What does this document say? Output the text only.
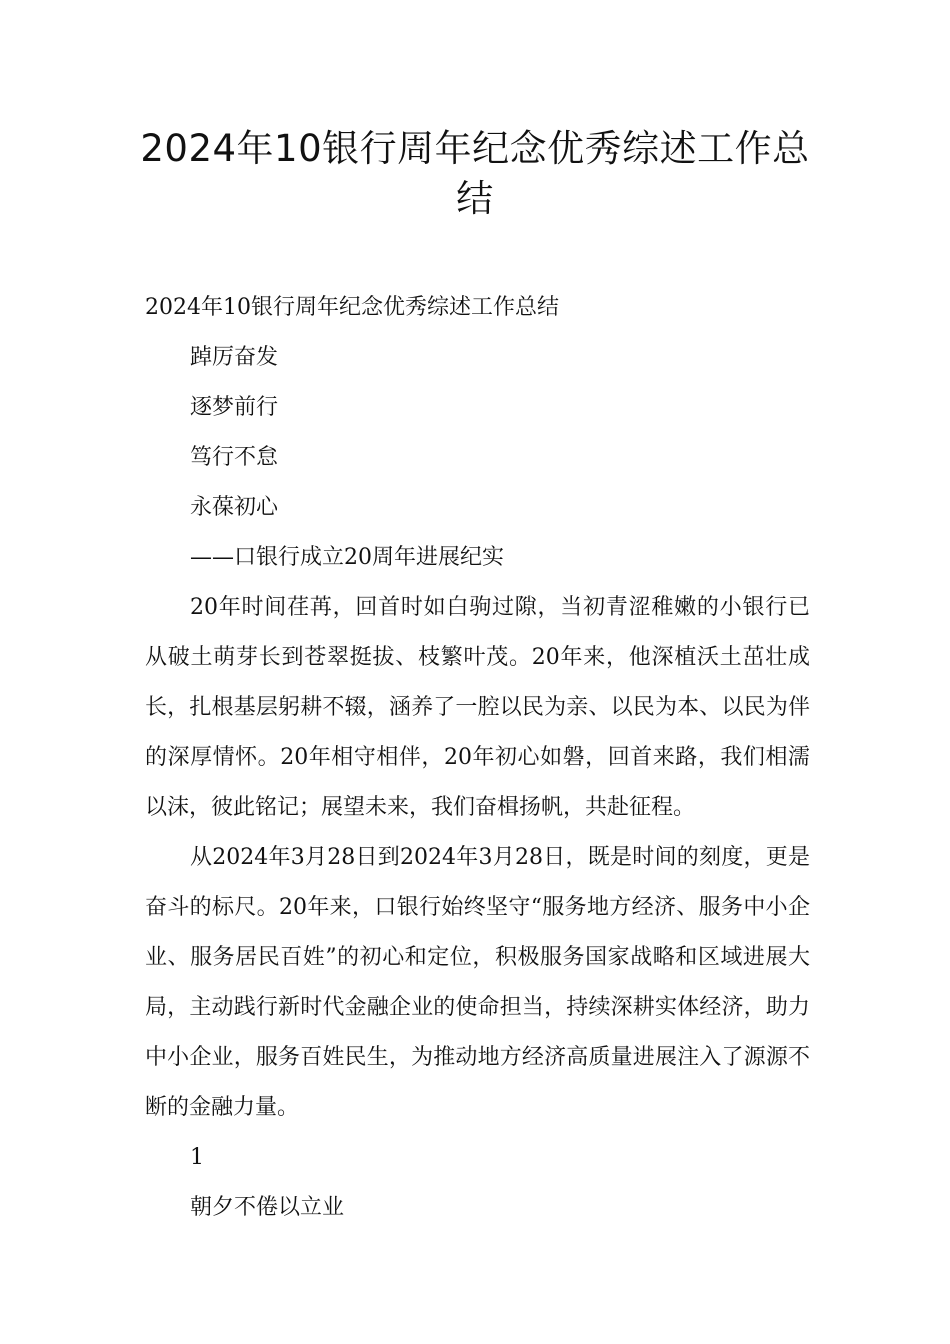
2024年10银行周年纪念优秀综述工作总结

2024年10银行周年纪念优秀综述工作总结

踔厉奋发

逐梦前行

笃行不怠

永葆初心

——口银行成立20周年进展纪实

20年时间荏苒，回首时如白驹过隙，当初青涩稚嫩的小银行已从破土萌芽长到苍翠挺拔、枝繁叶茂。20年来，他深植沃土茁壮成长，扎根基层躬耕不辍，涵养了一腔以民为亲、以民为本、以民为伴的深厚情怀。20年相守相伴，20年初心如磐，回首来路，我们相濡以沫，彼此铭记；展望未来，我们奋楫扬帆，共赴征程。

从2024年3月28日到2024年3月28日，既是时间的刻度，更是奋斗的标尺。20年来，口银行始终坚守“服务地方经济、服务中小企业、服务居民百姓”的初心和定位，积极服务国家战略和区域进展大局，主动践行新时代金融企业的使命担当，持续深耕实体经济，助力中小企业，服务百姓民生，为推动地方经济高质量进展注入了源源不断的金融力量。

1

朝夕不倦以立业
